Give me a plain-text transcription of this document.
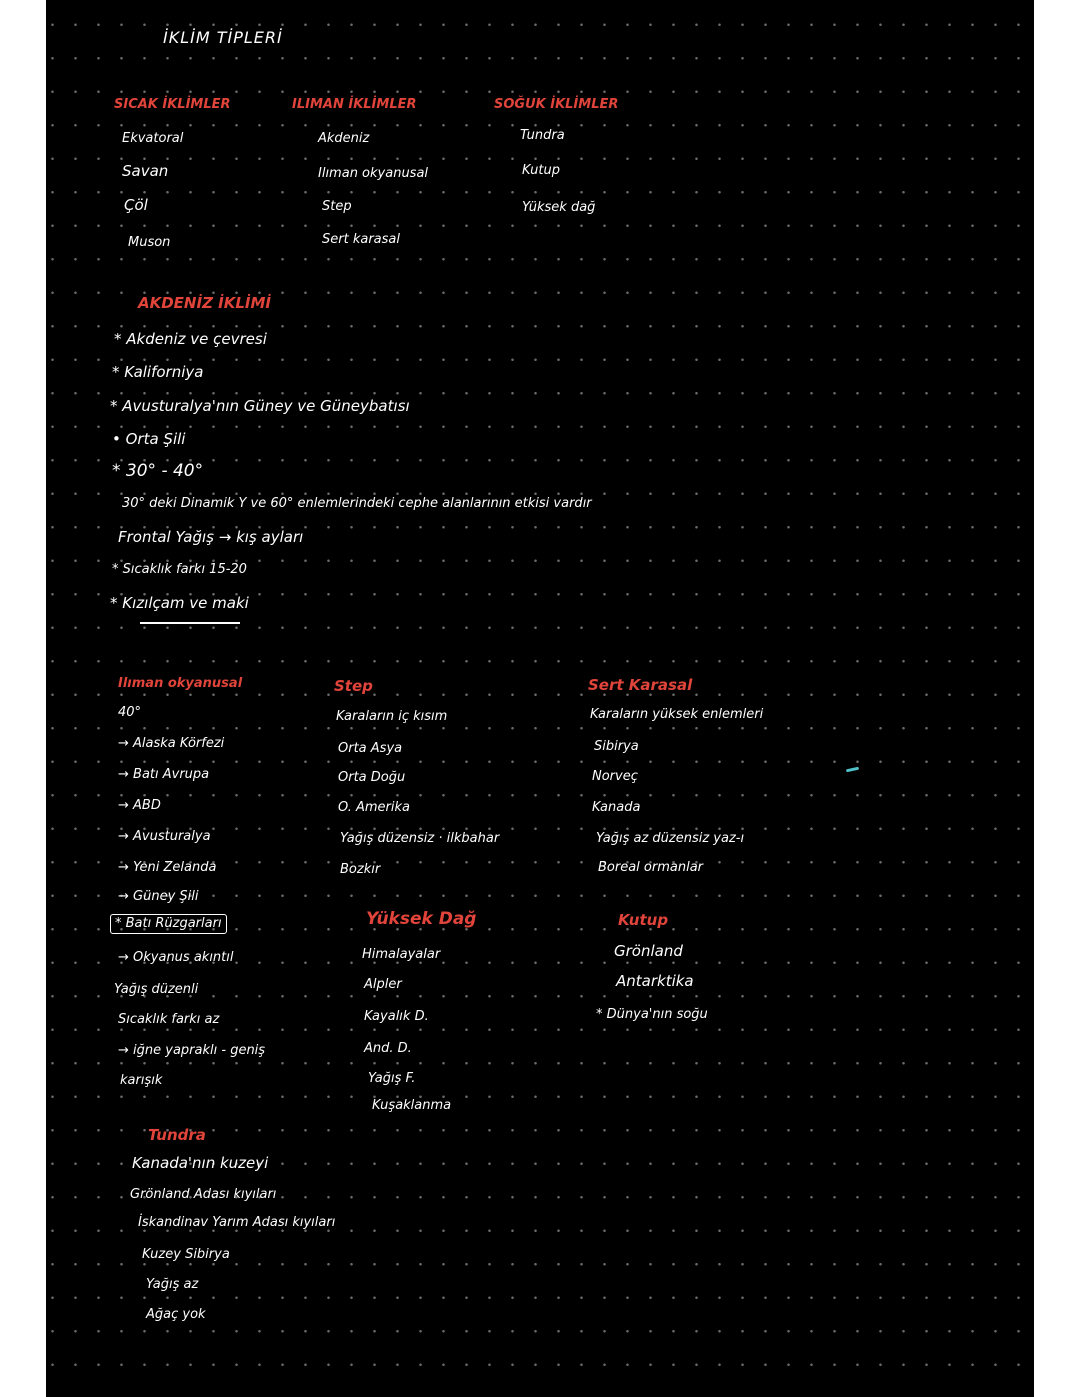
İKLİM TİPLERİ
SICAK İKLİMLER
Ekvatoral
Savan
Çöl
Muson
ILIMAN İKLİMLER
Akdeniz
Ilıman okyanusal
Step
Sert karasal
SOĞUK İKLİMLER
Tundra
Kutup
Yüksek dağ
AKDENİZ İKLİMİ
* Akdeniz ve çevresi
* Kaliforniya
* Avusturalya'nın Güney ve Güneybatısı
• Orta Şili
* 30° - 40°
30° deki Dinamik Y ve 60° enlemlerindeki cephe alanlarının etkisi vardır
Frontal Yağış → kış ayları
* Sıcaklık farkı 15-20
* Kızılçam ve maki
Ilıman okyanusal
40°
→ Alaska Körfezi
→ Batı Avrupa
→ ABD
→ Avusturalya
→ Yeni Zelanda
→ Güney Şili
* Batı Rüzgarları
→ Okyanus akıntıl
Yağış düzenli
Sıcaklık farkı az
→ iğne yapraklı - geniş
karışık
Step
Karaların iç kısım
Orta Asya
Orta Doğu
O. Amerika
Yağış düzensiz · ilkbahar
Bozkır
Sert Karasal
Karaların yüksek enlemleri
Sibirya
Norveç
Kanada
Yağış az düzensiz yaz-ı
Boreal ormanlar
Yüksek Dağ
Himalayalar
Alpler
Kayalık D.
And. D.
Yağış F.
Kuşaklanma
Kutup
Grönland
Antarktika
* Dünya'nın soğu
Tundra
Kanada'nın kuzeyi
Grönland Adası kıyıları
İskandinav Yarım Adası kıyıları
Kuzey Sibirya
Yağış az
Ağaç yok
